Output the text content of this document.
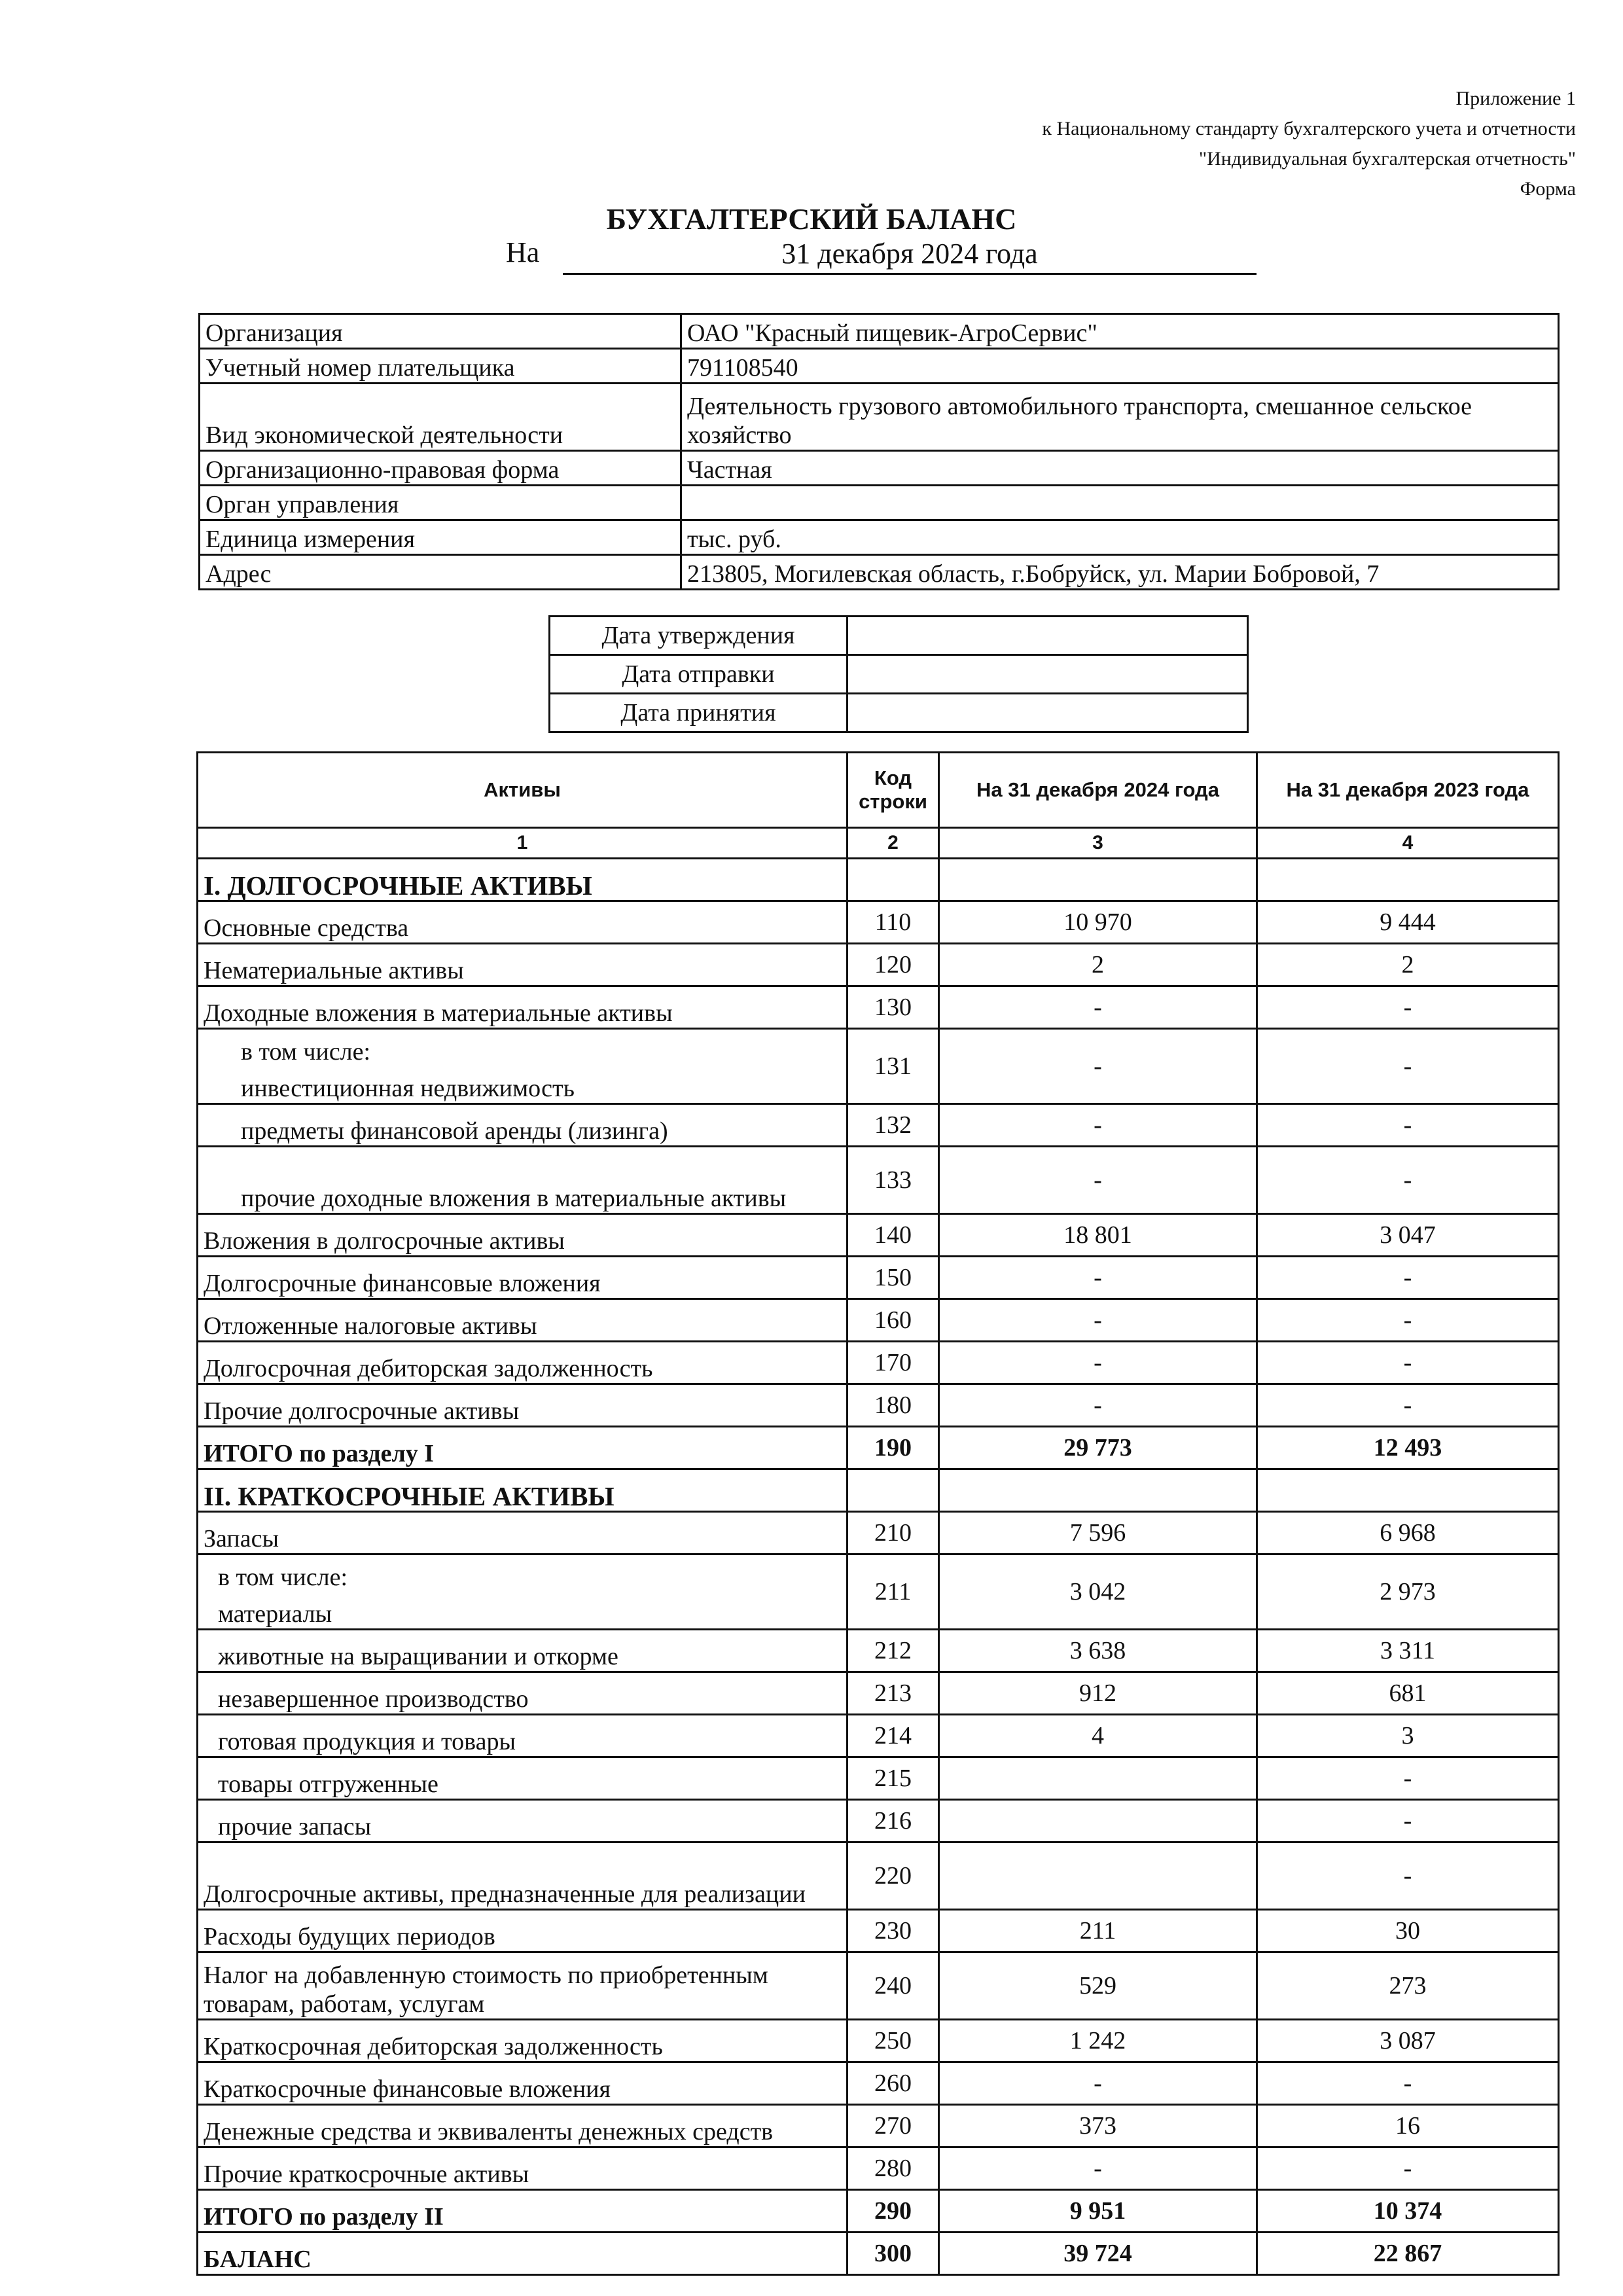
Приложение 1
к Национальному стандарту бухгалтерского учета и отчетности
"Индивидуальная бухгалтерская отчетность"
Форма
БУХГАЛТЕРСКИЙ БАЛАНС
На	31 декабря 2024 года
Организация	ОАО "Красный пищевик-АгроСервис"
Учетный номер плательщика	791108540
Вид экономической деятельности	Деятельность грузового автомобильного транспорта, смешанное сельское хозяйство
Организационно-правовая форма	Частная
Орган управления	
Единица измерения	тыс. руб.
Адрес	213805, Могилевская область, г.Бобруйск, ул. Марии Бобровой, 7
Дата утверждения	
Дата отправки	
Дата принятия	
Активы	Код строки	На 31 декабря 2024 года	На 31 декабря 2023 года
1	2	3	4
I. ДОЛГОСРОЧНЫЕ АКТИВЫ			
Основные средства	110	10 970	9 444
Нематериальные активы	120	2	2
Доходные вложения в материальные активы	130	-	-

в том числе:
инвестиционная недвижимость	131	-	-
предметы финансовой аренды (лизинга)	132	-	-
прочие доходные вложения в материальные активы	133	-	-
Вложения в долгосрочные активы	140	18 801	3 047
Долгосрочные финансовые вложения	150	-	-
Отложенные налоговые активы	160	-	-
Долгосрочная дебиторская задолженность	170	-	-
Прочие долгосрочные активы	180	-	-
ИТОГО по разделу I	190	29 773	12 493
II. КРАТКОСРОЧНЫЕ АКТИВЫ			
Запасы	210	7 596	6 968

в том числе:
материалы	211	3 042	2 973
животные на выращивании и откорме	212	3 638	3 311
незавершенное производство	213	912	681
готовая продукция и товары	214	4	3
товары отгруженные	215		-
прочие запасы	216		-
Долгосрочные активы, предназначенные для реализации	220		-
Расходы будущих периодов	230	211	30
Налог на добавленную стоимость по приобретенным товарам, работам, услугам	240	529	273
Краткосрочная дебиторская задолженность	250	1 242	3 087
Краткосрочные финансовые вложения	260	-	-
Денежные средства и эквиваленты денежных средств	270	373	16
Прочие краткосрочные активы	280	-	-
ИТОГО по разделу II	290	9 951	10 374
БАЛАНС	300	39 724	22 867
